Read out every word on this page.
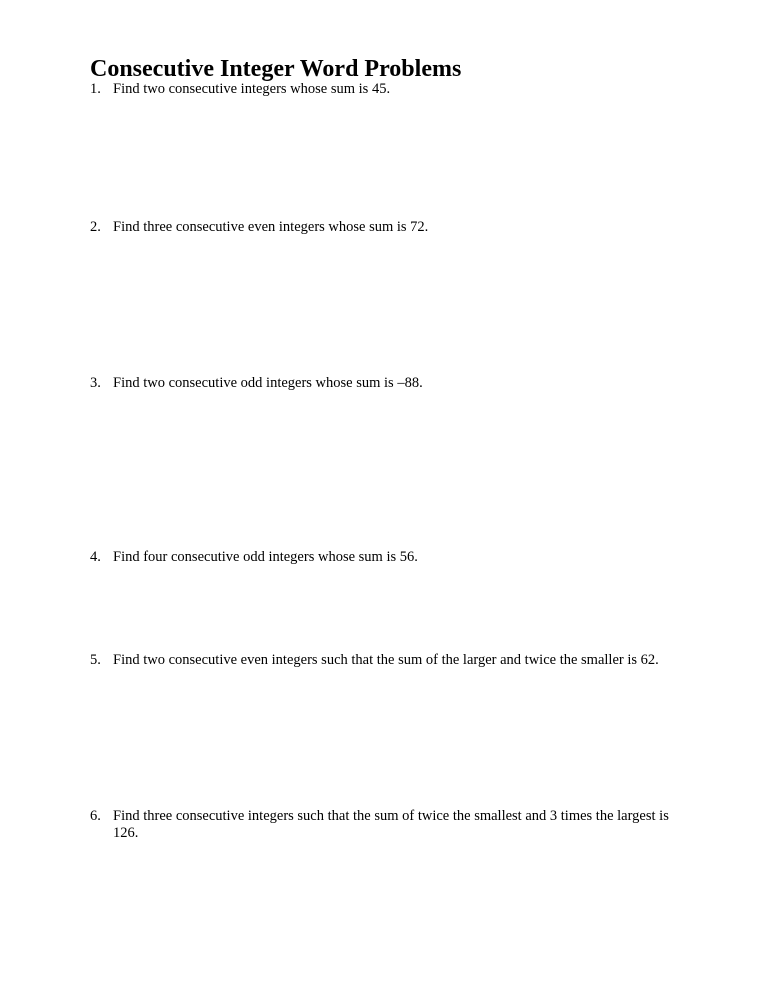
Consecutive Integer Word Problems
1. Find two consecutive integers whose sum is 45.
2. Find three consecutive even integers whose sum is 72.
3. Find two consecutive odd integers whose sum is –88.
4. Find four consecutive odd integers whose sum is 56.
5. Find two consecutive even integers such that the sum of the larger and twice the smaller is 62.
6. Find three consecutive integers such that the sum of twice the smallest and 3 times the largest is 126.
